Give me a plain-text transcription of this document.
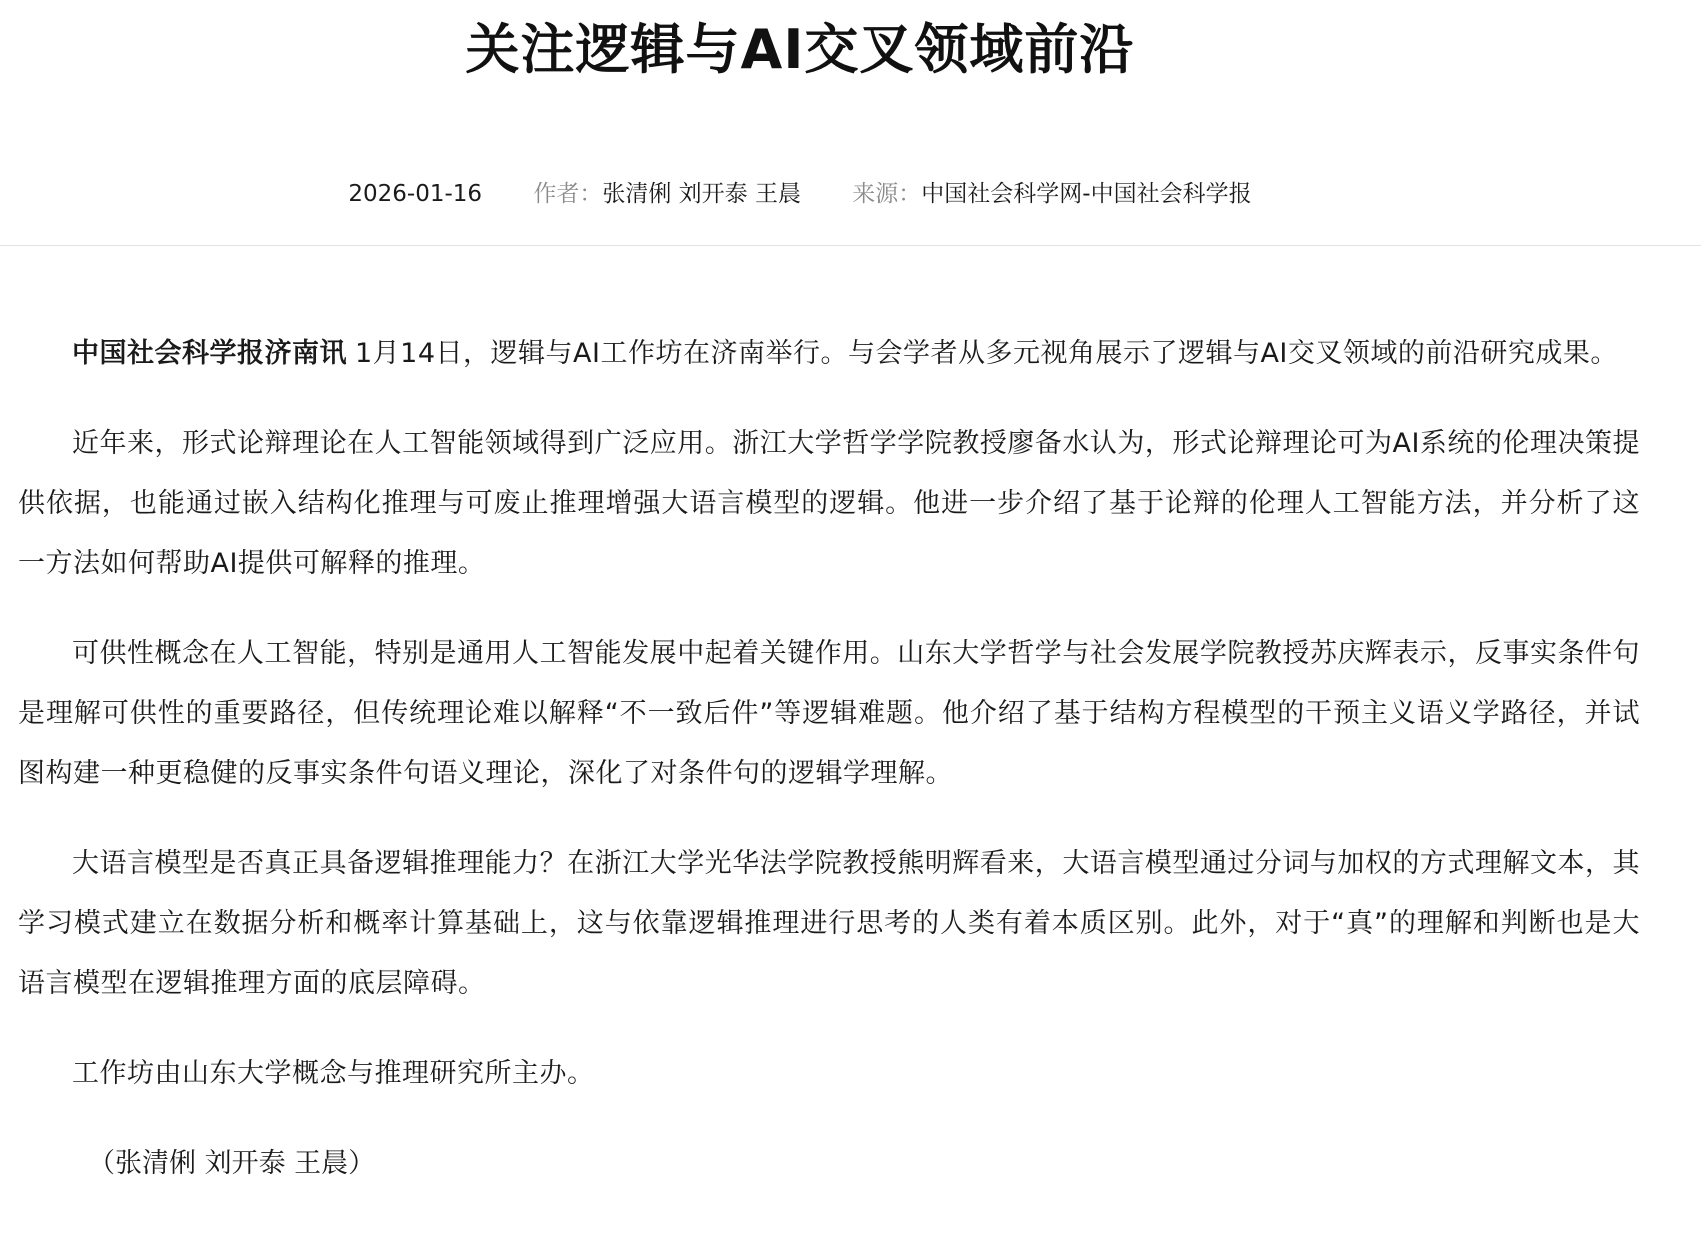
关注逻辑与AI交叉领域前沿
2026-01-16 作者：张清俐 刘开泰 王晨 来源：中国社会科学网-中国社会科学报

中国社会科学报济南讯 1月14日，逻辑与AI工作坊在济南举行。与会学者从多元视角展示了逻辑与AI交叉领域的前沿研究成果。

近年来，形式论辩理论在人工智能领域得到广泛应用。浙江大学哲学学院教授廖备水认为，形式论辩理论可为AI系统的伦理决策提供依据，也能通过嵌入结构化推理与可废止推理增强大语言模型的逻辑。他进一步介绍了基于论辩的伦理人工智能方法，并分析了这一方法如何帮助AI提供可解释的推理。

可供性概念在人工智能，特别是通用人工智能发展中起着关键作用。山东大学哲学与社会发展学院教授苏庆辉表示，反事实条件句是理解可供性的重要路径，但传统理论难以解释“不一致后件”等逻辑难题。他介绍了基于结构方程模型的干预主义语义学路径，并试图构建一种更稳健的反事实条件句语义理论，深化了对条件句的逻辑学理解。

大语言模型是否真正具备逻辑推理能力？在浙江大学光华法学院教授熊明辉看来，大语言模型通过分词与加权的方式理解文本，其学习模式建立在数据分析和概率计算基础上，这与依靠逻辑推理进行思考的人类有着本质区别。此外，对于“真”的理解和判断也是大语言模型在逻辑推理方面的底层障碍。

工作坊由山东大学概念与推理研究所主办。

（张清俐 刘开泰 王晨）
